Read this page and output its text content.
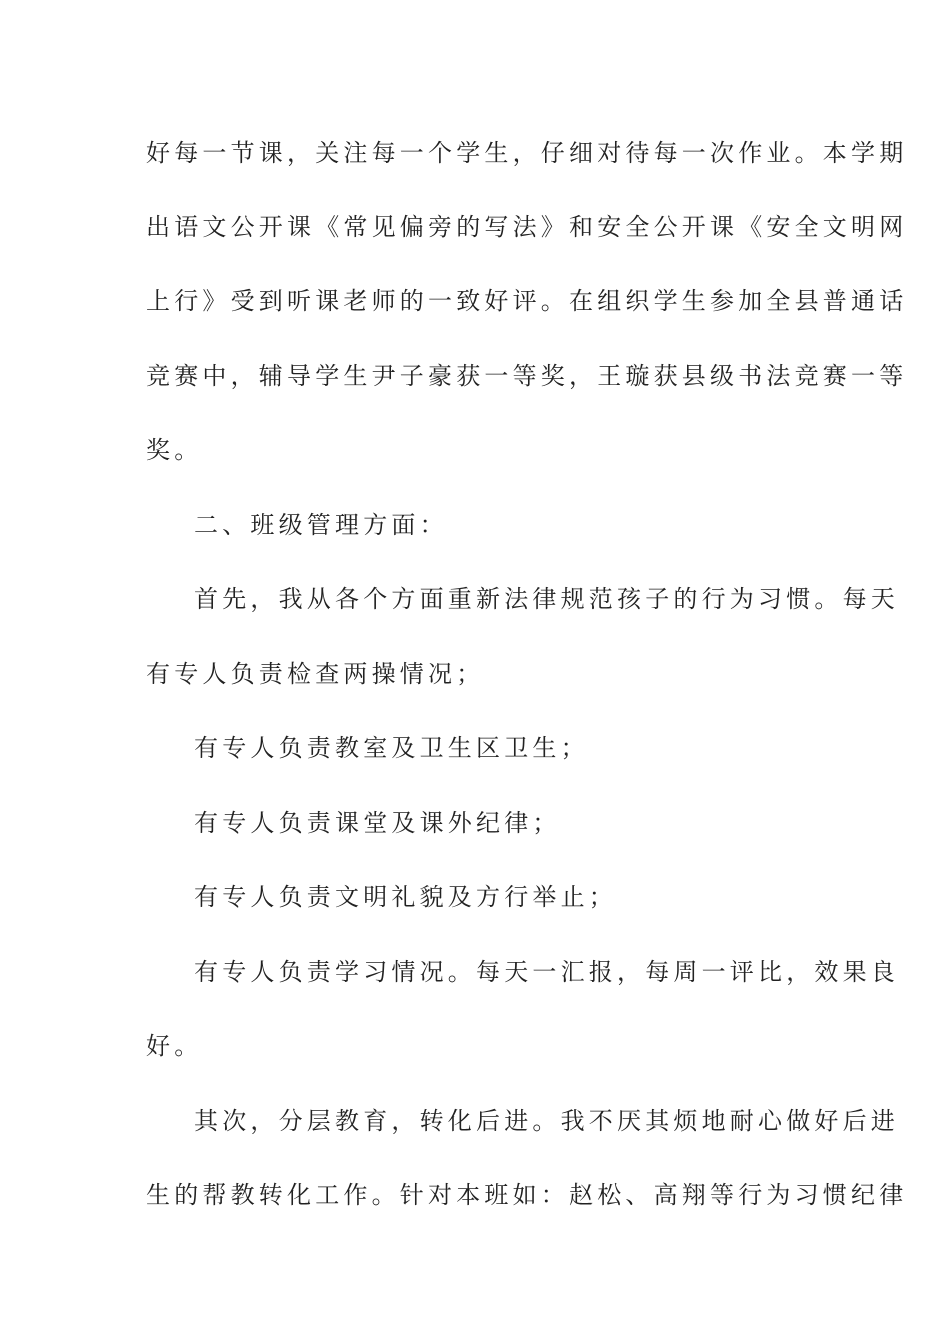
好每一节课，关注每一个学生，仔细对待每一次作业。本学期
出语文公开课《常见偏旁的写法》和安全公开课《安全文明网
上行》受到听课老师的一致好评。在组织学生参加全县普通话
竞赛中，辅导学生尹子豪获一等奖，王璇获县级书法竞赛一等
奖。
二、班级管理方面：
首先，我从各个方面重新法律规范孩子的行为习惯。每天
有专人负责检查两操情况；
有专人负责教室及卫生区卫生；
有专人负责课堂及课外纪律；
有专人负责文明礼貌及方行举止；
有专人负责学习情况。每天一汇报，每周一评比，效果良
好。
其次，分层教育，转化后进。我不厌其烦地耐心做好后进
生的帮教转化工作。针对本班如：赵松、高翔等行为习惯纪律
